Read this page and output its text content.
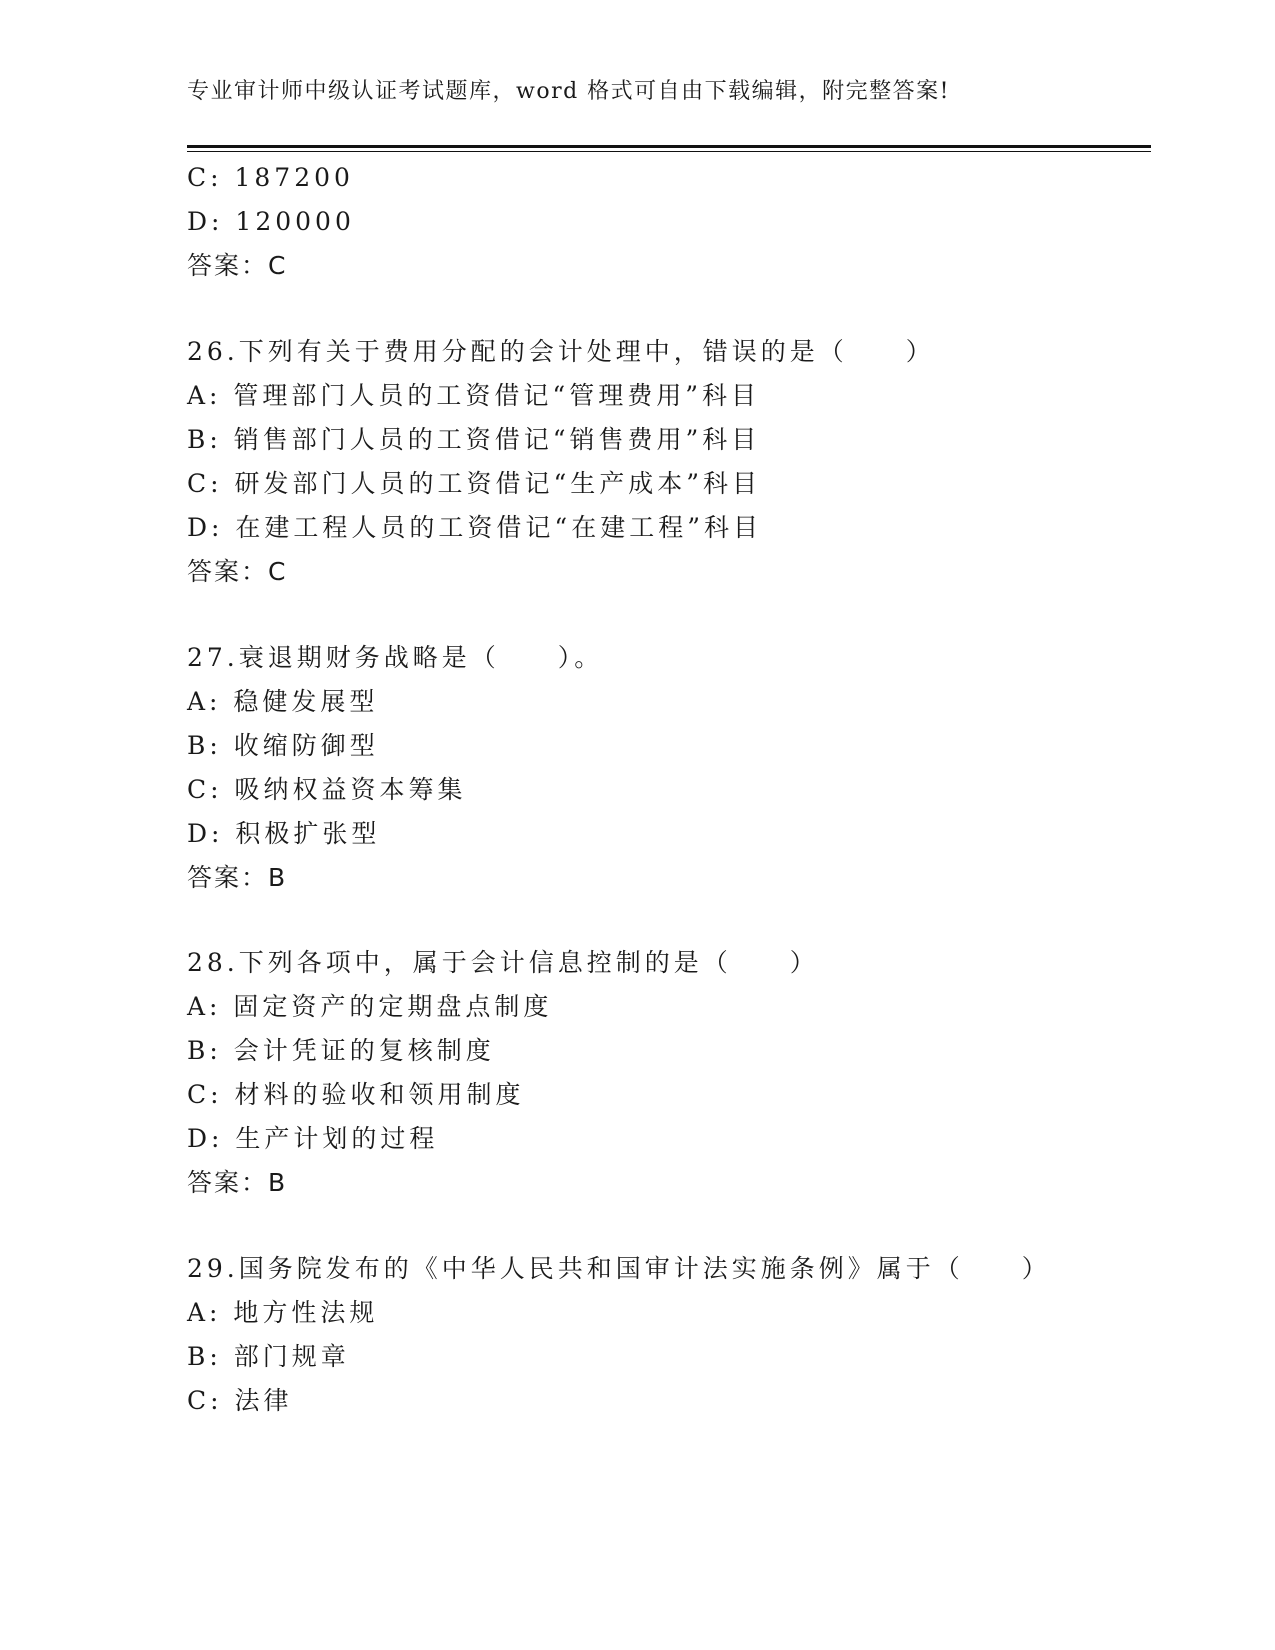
专业审计师中级认证考试题库，word 格式可自由下载编辑，附完整答案!
C: 187200
D: 120000
答案：C
26.下列有关于费用分配的会计处理中，错误的是（　　）
A: 管理部门人员的工资借记“管理费用”科目
B: 销售部门人员的工资借记“销售费用”科目
C: 研发部门人员的工资借记“生产成本”科目
D: 在建工程人员的工资借记“在建工程”科目
答案：C
27.衰退期财务战略是（　　）。
A: 稳健发展型
B: 收缩防御型
C: 吸纳权益资本筹集
D: 积极扩张型
答案：B
28.下列各项中，属于会计信息控制的是（　　）
A: 固定资产的定期盘点制度
B: 会计凭证的复核制度
C: 材料的验收和领用制度
D: 生产计划的过程
答案：B
29.国务院发布的《中华人民共和国审计法实施条例》属于（　　）
A: 地方性法规
B: 部门规章
C: 法律
